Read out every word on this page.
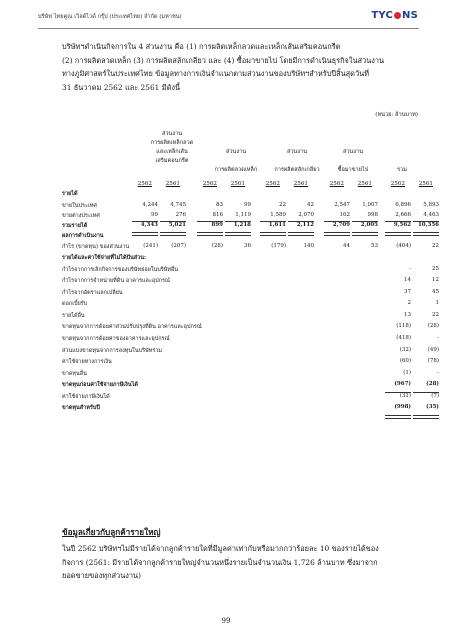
บริษัท ไทยคูณ เว็ลด์ไวด์ กรุ๊ป (ประเทศไทย) จำกัด (มหาชน)	TYC NS

บริษัทฯดำเนินกิจการใน 4 ส่วนงาน คือ (1) การผลิตเหล็กลวดและเหล็กเส้นเสริมคอนกรีต

(2) การผลิตลวดเหล็ก (3) การผลิตสลักเกลียว และ (4) ซื้อมาขายไป โดยมีการดำเนินธุรกิจในส่วนงาน

ทางภูมิศาสตร์ในประเทศไทย ข้อมูลทางการเงินจำแนกตามส่วนงานของบริษัทฯสำหรับปีสิ้นสุดวันที่

31 ธันวาคม 2562 และ 2561 มีดังนี้

(หน่วย: ล้านบาท)
ส่วนงาน
การผลิตเหล็กลวด
และเหล็กเส้น
เสริมคอนกรีต
ส่วนงาน
การผลิตลวดเหล็ก
ส่วนงาน
การผลิตสลักเกลียว
ส่วนงาน
ซื้อมาขายไป	รวม
2562	2561	2562	2561	2562	2561	2562	2561	2562	2561
รายได้
ขายในประเทศ	4,244	4,745	83	99	22	42	2,547	1,007	6,896	5,893
ขายต่างประเทศ	99	276	816	1,119	1,589	2,070	162	998	2,666	4,463
รวมรายได้	4,343	5,021	899	1,218	1,611	2,112	2,709	2,005	9,562	10,356
ผลการดำเนินงาน
กำไร (ขาดทุน) ของส่วนงาน	(241)	(207)	(28)	36	(179)	140	44	53	(404)	22
รายได้และค่าใช้จ่ายที่ไม่ได้ปันส่วน:
กำไรจากการเลิกกิจการของบริษัทย่อยในบริษัทอื่น	-	25
กำไรจากการจำหน่ายที่ดิน อาคารและอุปกรณ์	14	12
กำไรจากอัตราแลกเปลี่ยน	37	45
ดอกเบี้ยรับ	2	1
รายได้อื่น	13	22
ขาดทุนจากการด้อยค่าส่วนปรับปรุงที่ดิน อาคารและอุปกรณ์	(118)	(28)
ขาดทุนจากการด้อยค่าของอาคารและอุปกรณ์	(418)	-
ส่วนแบ่งขาดทุนจากการลงทุนในบริษัทร่วม	(32)	(49)
ค่าใช้จ่ายทางการเงิน	(60)	(78)
ขาดทุนอื่น	(1)	-
ขาดทุนก่อนค่าใช้จ่ายภาษีเงินได้	(967)	(28)
ค่าใช้จ่ายภาษีเงินได้	(31)	(7)
ขาดทุนสำหรับปี	(998)	(35)
ข้อมูลเกี่ยวกับลูกค้ารายใหญ่

ในปี 2562 บริษัทฯไม่มีรายได้จากลูกค้ารายใดที่มีมูลค่าเท่ากับหรือมากกว่าร้อยละ 10 ของรายได้ของ

กิจการ (2561: มีรายได้จากลูกค้ารายใหญ่จำนวนหนึ่งรายเป็นจำนวนเงิน 1,726 ล้านบาท ซึ่งมาจาก

ยอดขายของทุกส่วนงาน)

99
